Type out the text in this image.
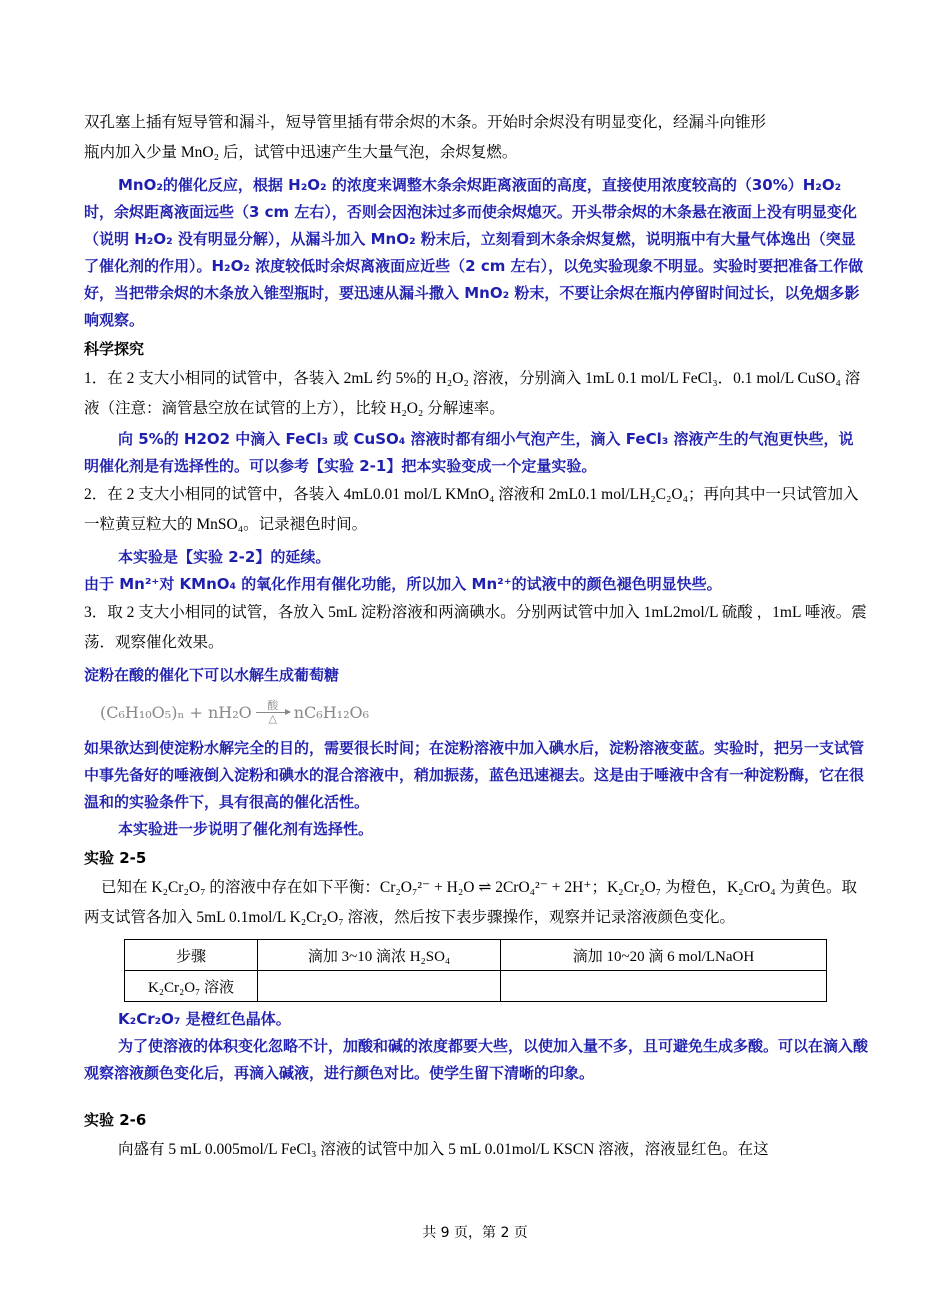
双孔塞上插有短导管和漏斗，短导管里插有带余烬的木条。开始时余烬没有明显变化，经漏斗向锥形

瓶内加入少量 MnO₂ 后，试管中迅速产生大量气泡，余烬复燃。

MnO₂的催化反应，根据 H₂O₂ 的浓度来调整木条余烬距离液面的高度，直接使用浓度较高的（30%）H₂O₂时，余烬距离液面远些（3 cm 左右），否则会因泡沫过多而使余烬熄灭。开头带余烬的木条悬在液面上没有明显变化（说明 H₂O₂ 没有明显分解），从漏斗加入 MnO₂ 粉末后，立刻看到木条余烬复燃，说明瓶中有大量气体逸出（突显了催化剂的作用）。H₂O₂ 浓度较低时余烬离液面应近些（2 cm 左右），以免实验现象不明显。实验时要把准备工作做好，当把带余烬的木条放入锥型瓶时，要迅速从漏斗撒入 MnO₂ 粉末，不要让余烬在瓶内停留时间过长，以免烟多影响观察。

科学探究

1．在 2 支大小相同的试管中，各装入 2mL 约 5%的 H₂O₂ 溶液，分别滴入 1mL 0.1 mol/L FeCl₃．0.1 mol/L CuSO₄ 溶液（注意：滴管悬空放在试管的上方），比较 H₂O₂ 分解速率。

向 5%的 H2O2 中滴入 FeCl₃ 或 CuSO₄ 溶液时都有细小气泡产生，滴入 FeCl₃ 溶液产生的气泡更快些，说明催化剂是有选择性的。可以参考【实验 2-1】把本实验变成一个定量实验。

2．在 2 支大小相同的试管中，各装入 4mL0.01 mol/L KMnO₄ 溶液和 2mL0.1 mol/LH₂C₂O₄；再向其中一只试管加入一粒黄豆粒大的 MnSO₄。记录褪色时间。

本实验是【实验 2-2】的延续。

由于 Mn²⁺对 KMnO₄ 的氧化作用有催化功能，所以加入 Mn²⁺的试液中的颜色褪色明显快些。

3．取 2 支大小相同的试管，各放入 5mL 淀粉溶液和两滴碘水。分别两试管中加入 1mL2mol/L 硫酸 ，1mL 唾液。震荡．观察催化效果。

淀粉在酸的催化下可以水解生成葡萄糖

(C₆H₁₀O₅)ₙ + nH₂O 酸
△ nC₆H₁₂O₆

如果欲达到使淀粉水解完全的目的，需要很长时间；在淀粉溶液中加入碘水后，淀粉溶液变蓝。实验时，把另一支试管中事先备好的唾液倒入淀粉和碘水的混合溶液中，稍加振荡，蓝色迅速褪去。这是由于唾液中含有一种淀粉酶，它在很温和的实验条件下，具有很高的催化活性。

本实验进一步说明了催化剂有选择性。

实验 2-5

已知在 K₂Cr₂O₇ 的溶液中存在如下平衡：Cr₂O₇²⁻ + H₂O ⇌ 2CrO₄²⁻ + 2H⁺；K₂Cr₂O₇ 为橙色，K₂CrO₄ 为黄色。取两支试管各加入 5mL 0.1mol/L K₂Cr₂O₇ 溶液，然后按下表步骤操作，观察并记录溶液颜色变化。

步骤	滴加 3~10 滴浓 H₂SO₄	滴加 10~20 滴 6 mol/LNaOH
K₂Cr₂O₇ 溶液		

K₂Cr₂O₇ 是橙红色晶体。

为了使溶液的体积变化忽略不计，加酸和碱的浓度都要大些，以使加入量不多，且可避免生成多酸。可以在滴入酸观察溶液颜色变化后，再滴入碱液，进行颜色对比。使学生留下清晰的印象。

实验 2-6

向盛有 5 mL 0.005mol/L FeCl₃ 溶液的试管中加入 5 mL 0.01mol/L KSCN 溶液，溶液显红色。在这

共 9 页，第 2 页
